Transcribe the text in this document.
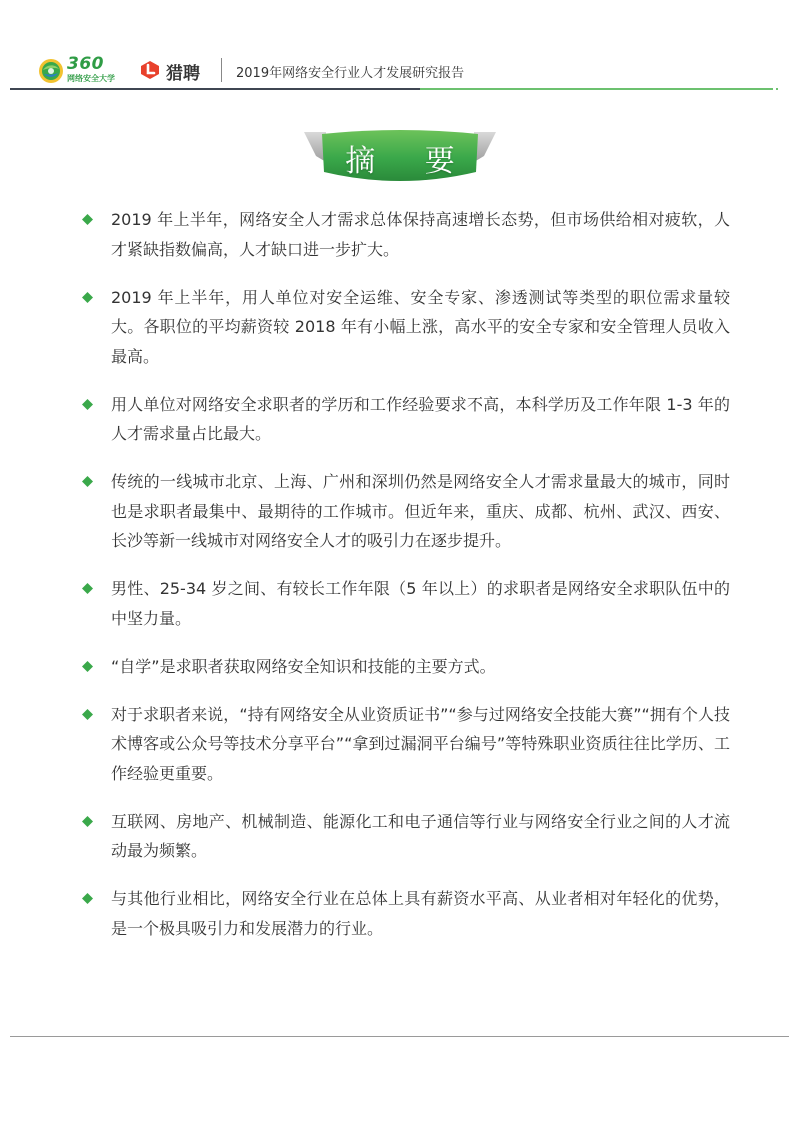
360
网络安全大学	猎聘	2019年网络安全行业人才发展研究报告
摘 要
2019 年上半年，网络安全人才需求总体保持高速增长态势，但市场供给相对疲软，人才紧缺指数偏高，人才缺口进一步扩大。
2019 年上半年，用人单位对安全运维、安全专家、渗透测试等类型的职位需求量较大。各职位的平均薪资较 2018 年有小幅上涨，高水平的安全专家和安全管理人员收入最高。
用人单位对网络安全求职者的学历和工作经验要求不高，本科学历及工作年限 1-3 年的人才需求量占比最大。
传统的一线城市北京、上海、广州和深圳仍然是网络安全人才需求量最大的城市，同时也是求职者最集中、最期待的工作城市。但近年来，重庆、成都、杭州、武汉、西安、长沙等新一线城市对网络安全人才的吸引力在逐步提升。
男性、25-34 岁之间、有较长工作年限（5 年以上）的求职者是网络安全求职队伍中的中坚力量。
“自学”是求职者获取网络安全知识和技能的主要方式。
对于求职者来说，“持有网络安全从业资质证书”“参与过网络安全技能大赛”“拥有个人技术博客或公众号等技术分享平台”“拿到过漏洞平台编号”等特殊职业资质往往比学历、工作经验更重要。
互联网、房地产、机械制造、能源化工和电子通信等行业与网络安全行业之间的人才流动最为频繁。
与其他行业相比，网络安全行业在总体上具有薪资水平高、从业者相对年轻化的优势，是一个极具吸引力和发展潜力的行业。
